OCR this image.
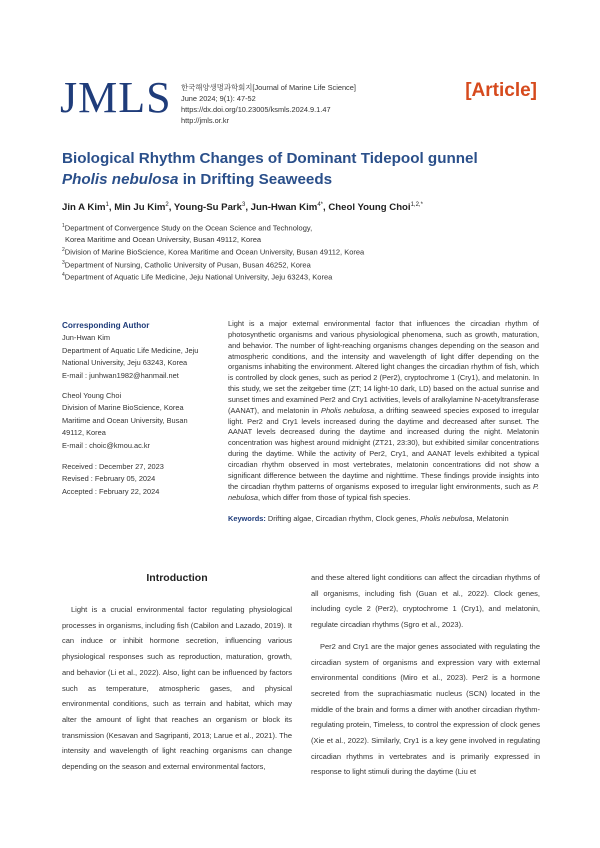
JMLS 한국해양생명과학회지[Journal of Marine Life Science]
June 2024; 9(1): 47-52
https://dx.doi.org/10.23005/ksmls.2024.9.1.47
http://jmls.or.kr
[Article]
Biological Rhythm Changes of Dominant Tidepool gunnel
Pholis nebulosa in Drifting Seaweeds
Jin A Kim$^1$, Min Ju Kim$^2$, Young-Su Park$^3$, Jun-Hwan Kim$^{4*}$, Cheol Young Choi$^{1,2,*}$
$^1$Department of Convergence Study on the Ocean Science and Technology,
Korea Maritime and Ocean University, Busan 49112, Korea
$^2$Division of Marine BioScience, Korea Maritime and Ocean University, Busan 49112, Korea
$^3$Department of Nursing, Catholic University of Pusan, Busan 46252, Korea
$^4$Department of Aquatic Life Medicine, Jeju National University, Jeju 63243, Korea
Corresponding Author
Jun-Hwan Kim
Department of Aquatic Life Medicine, Jeju
National University, Jeju 63243, Korea
E-mail : junhwan1982@hanmail.net
Cheol Young Choi
Division of Marine BioScience, Korea
Maritime and Ocean University, Busan
49112, Korea
E-mail : choic@kmou.ac.kr
Received : December 27, 2023
Revised : February 05, 2024
Accepted : February 22, 2024
Light is a major external environmental factor that influences the circadian rhythm of photosynthetic organisms and various physiological phenomena, such as growth, maturation, and behavior. The number of light-reaching organisms changes depending on the season and atmospheric conditions, and the intensity and wavelength of light differ depending on the organisms inhabiting the environment. Altered light changes the circadian rhythm of fish, which is controlled by clock genes, such as period 2 (Per2), cryptochrome 1 (Cry1), and melatonin. In this study, we set the zeitgeber time (ZT; 14 light-10 dark, LD) based on the actual sunrise and sunset times and examined Per2 and Cry1 activities, levels of aralkylamine N-acetyltransferase (AANAT), and melatonin in Pholis nebulosa, a drifting seaweed species exposed to irregular light. Per2 and Cry1 levels increased during the daytime and decreased after sunset. The AANAT levels decreased during the daytime and increased during the night. Melatonin concentration was highest around midnight (ZT21, 23:30), but exhibited similar concentrations during the daytime. While the activity of Per2, Cry1, and AANAT levels exhibited a typical circadian rhythm observed in most vertebrates, melatonin concentrations did not show a significant difference between the daytime and nighttime. These findings provide insights into the circadian rhythm patterns of organisms exposed to irregular light environments, such as P. nebulosa, which differ from those of typical fish species.
Keywords: Drifting algae, Circadian rhythm, Clock genes, Pholis nebulosa, Melatonin
Introduction

Light is a crucial environmental factor regulating physiological processes in organisms, including fish (Cabilon and Lazado, 2019). It can induce or inhibit hormone secretion, influencing various physiological responses such as reproduction, maturation, growth, and behavior (Li et al., 2022). Also, light can be influenced by factors such as temperature, atmospheric gases, and physical environmental conditions, such as terrain and habitat, which may alter the amount of light that reaches an organism or block its transmission (Kesavan and Sagripanti, 2013; Larue et al., 2021). The intensity and wavelength of light reaching organisms can change depending on the season and external environmental factors,

and these altered light conditions can affect the circadian rhythms of all organisms, including fish (Guan et al., 2022). Clock genes, including cycle 2 (Per2), cryptochrome 1 (Cry1), and melatonin, regulate circadian rhythms (Sgro et al., 2023).

Per2 and Cry1 are the major genes associated with regulating the circadian system of organisms and expression vary with external environmental conditions (Miro et al., 2023). Per2 is a hormone secreted from the suprachiasmatic nucleus (SCN) located in the middle of the brain and forms a dimer with another circadian rhythm-regulating protein, Timeless, to control the expression of clock genes (Xie et al., 2022). Similarly, Cry1 is a key gene involved in regulating circadian rhythms in vertebrates and is primarily expressed in response to light stimuli during the daytime (Liu et
